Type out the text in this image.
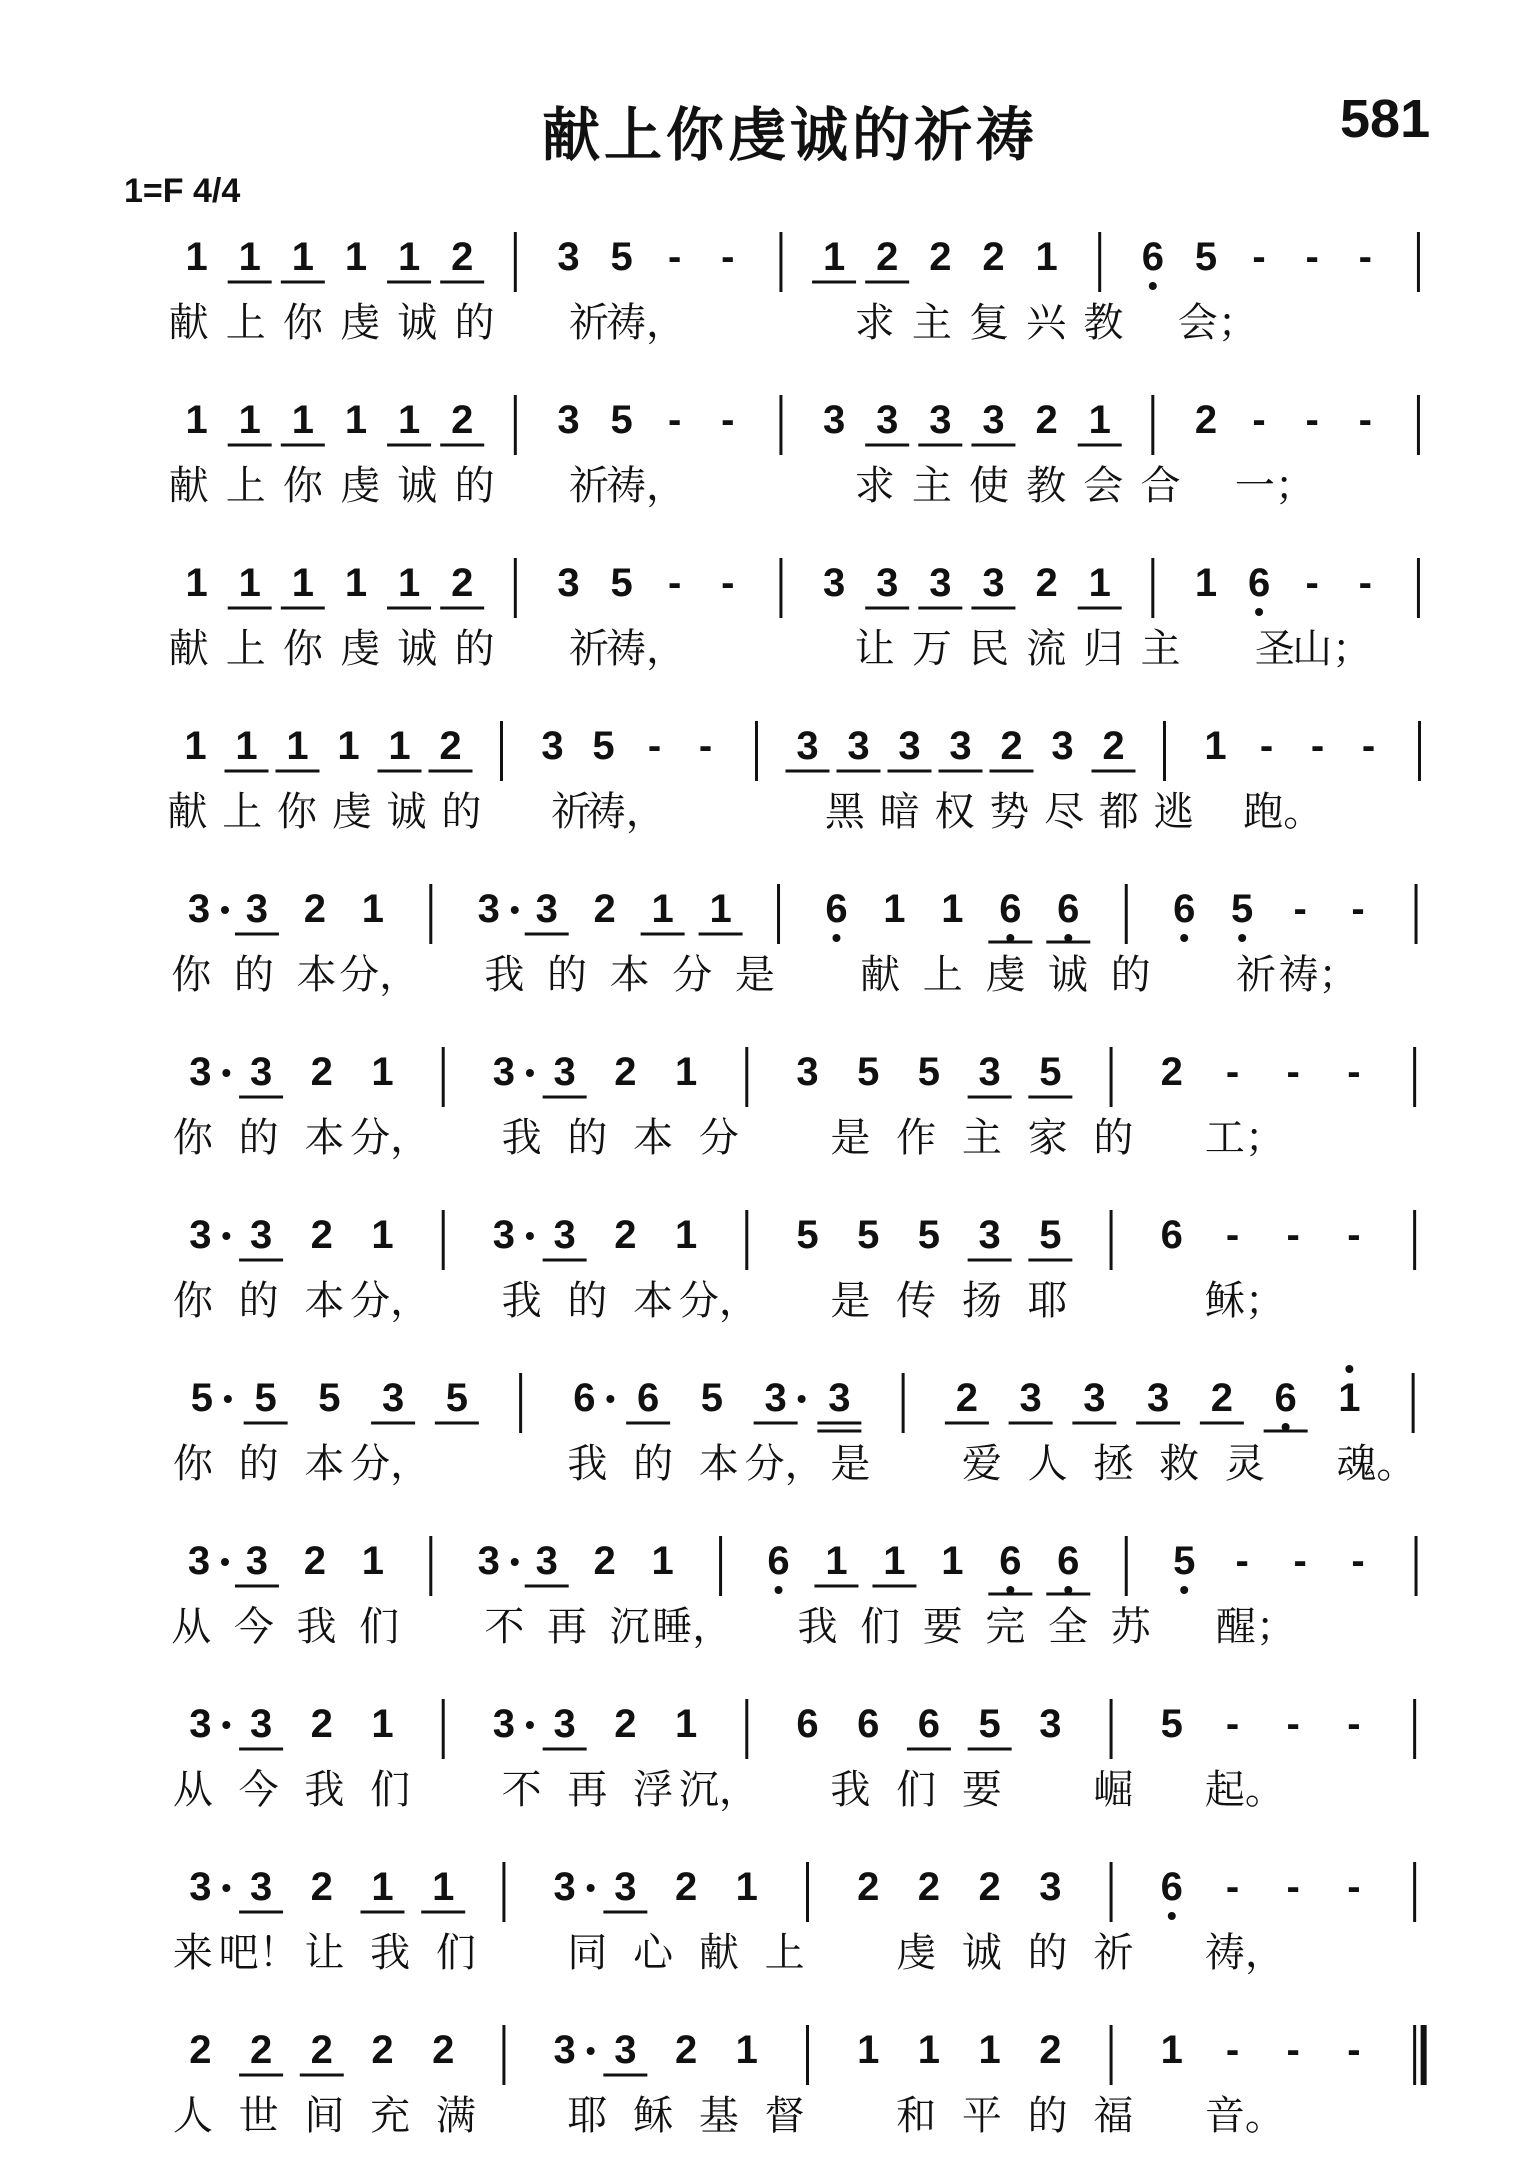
献上你虔诚的祈祷	581
1=F 4/4
1 1 1 1 1 2 3 5 - - 1 2 2 2 1 6 5 - - -
献 上 你 虔 诚 的 祈
祷，	求 主 复 兴 教 会；
1 1 1 1 1 2 3 5 - - 3 3 3 3 2 1 2 - - -
献 上 你 虔 诚 的 祈
祷，	求 主 使 教 会 合 一；
1 1 1 1 1 2 3 5 - - 3 3 3 3 2 1 1 6 - -
献 上 你 虔 诚 的 祈
祷，	让 万 民 流 归 主 圣
山；
1 1 1 1 1 2 3 5 - - 3 3 3 3 2 3 2 1 - - -
献 上 你 虔 诚 的 祈
祷，	黑 暗 权 势 尽 都 逃 跑。
3 3 2 1 3 3 2 1 1 6 1 1 6 6 6 5 - -
你 的 本 分， 我 的 本 分 是 献 上 虔 诚 的 祈 祷；
3 3 2 1 3 3 2 1 3 5 5 3 5 2 - - -
你 的 本 分， 我 的 本 分 是 作 主 家 的 工；
3 3 2 1 3 3 2 1 5 5 5 3 5 6 - - -
你 的 本 分， 我 的 本 分， 是 传 扬 耶	稣；
5 5 5 3 5	6 6 5 3 3	2 3 3 3 2 6 1
你 的 本 分，	我 的 本 分， 是 爱 人 拯 救 灵 魂。
3 3 2 1 3 3 2 1 6 1 1 1 6 6 5 - - -
从 今 我 们 不 再 沉 睡， 我 们 要 完 全 苏 醒；
3 3 2 1 3 3 2 1 6 6 6 5 3 5 - - -
从 今 我 们 不 再 浮 沉， 我 们 要 崛 起。
3 3 2 1 1 3 3 2 1 2 2 2 3 6 - - -
来 吧！ 让 我 们 同 心 献 上 虔 诚 的 祈 祷，
2 2 2 2 2 3 3 2 1 1 1 1 2 1 - - -
人 世 间 充 满 耶 稣 基 督 和 平 的 福 音。
